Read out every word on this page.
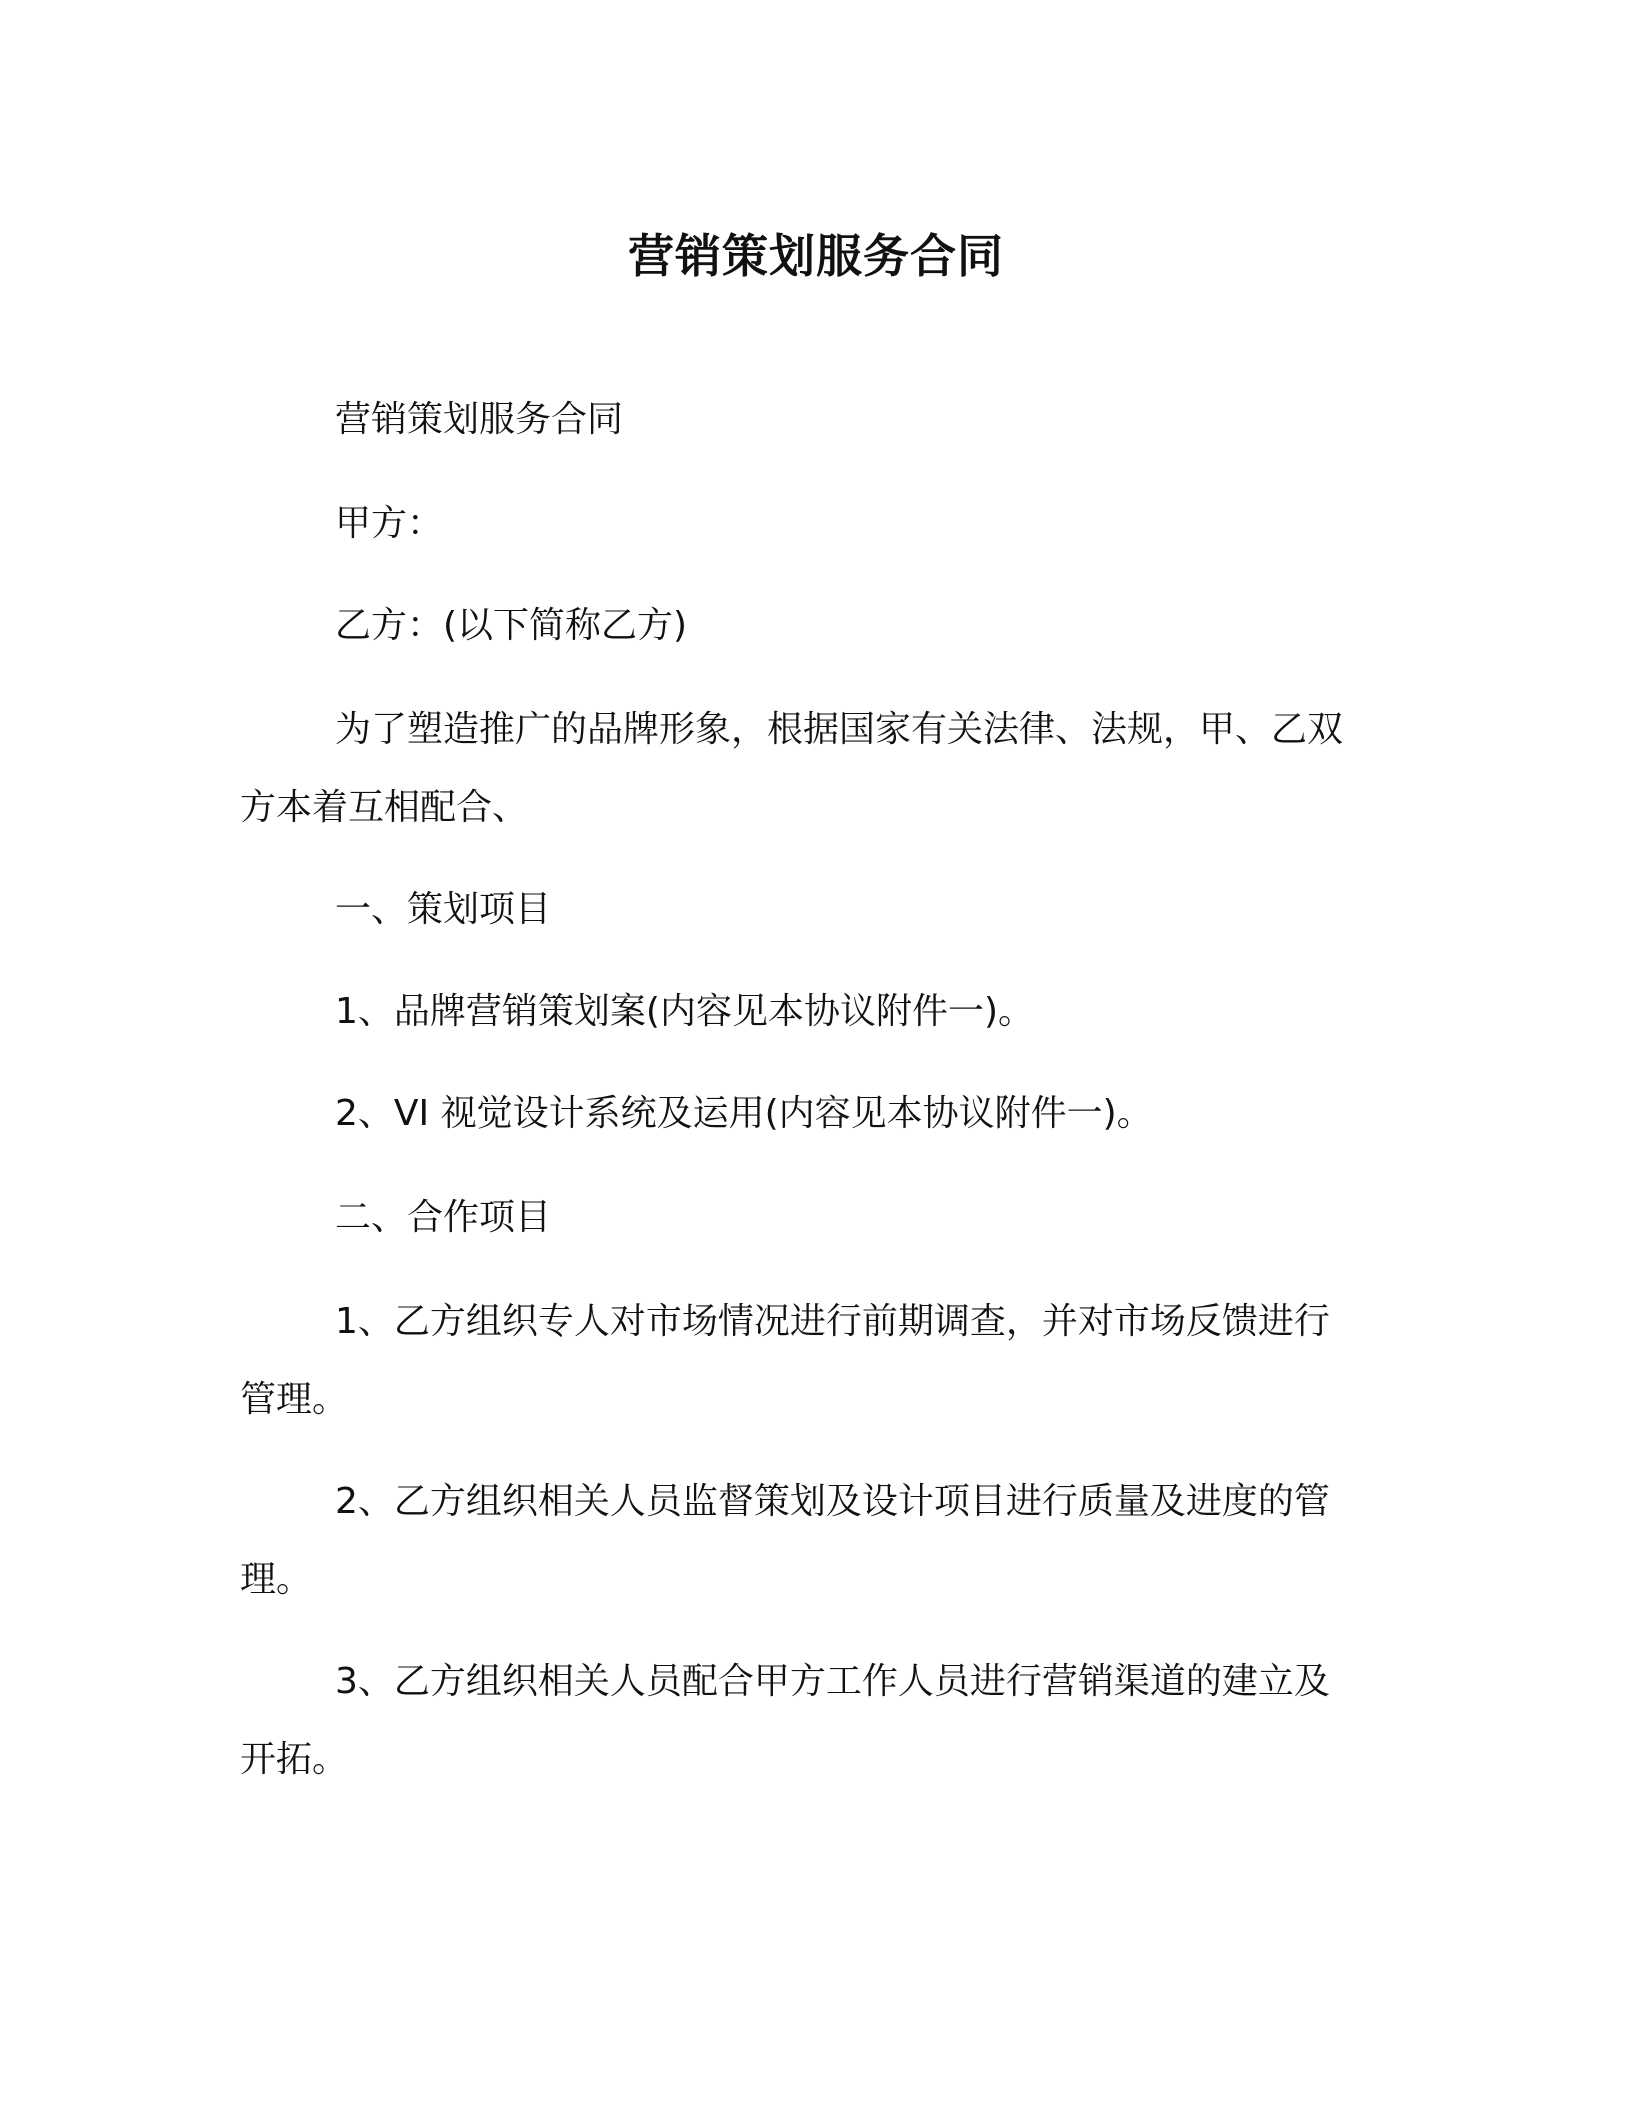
营销策划服务合同
营销策划服务合同
甲方：
乙方：(以下简称乙方)
为了塑造推广的品牌形象，根据国家有关法律、法规，甲、乙双
方本着互相配合、
一、策划项目
1、品牌营销策划案(内容见本协议附件一)。
2、VI 视觉设计系统及运用(内容见本协议附件一)。
二、合作项目
1、乙方组织专人对市场情况进行前期调查，并对市场反馈进行
管理。
2、乙方组织相关人员监督策划及设计项目进行质量及进度的管
理。
3、乙方组织相关人员配合甲方工作人员进行营销渠道的建立及
开拓。
